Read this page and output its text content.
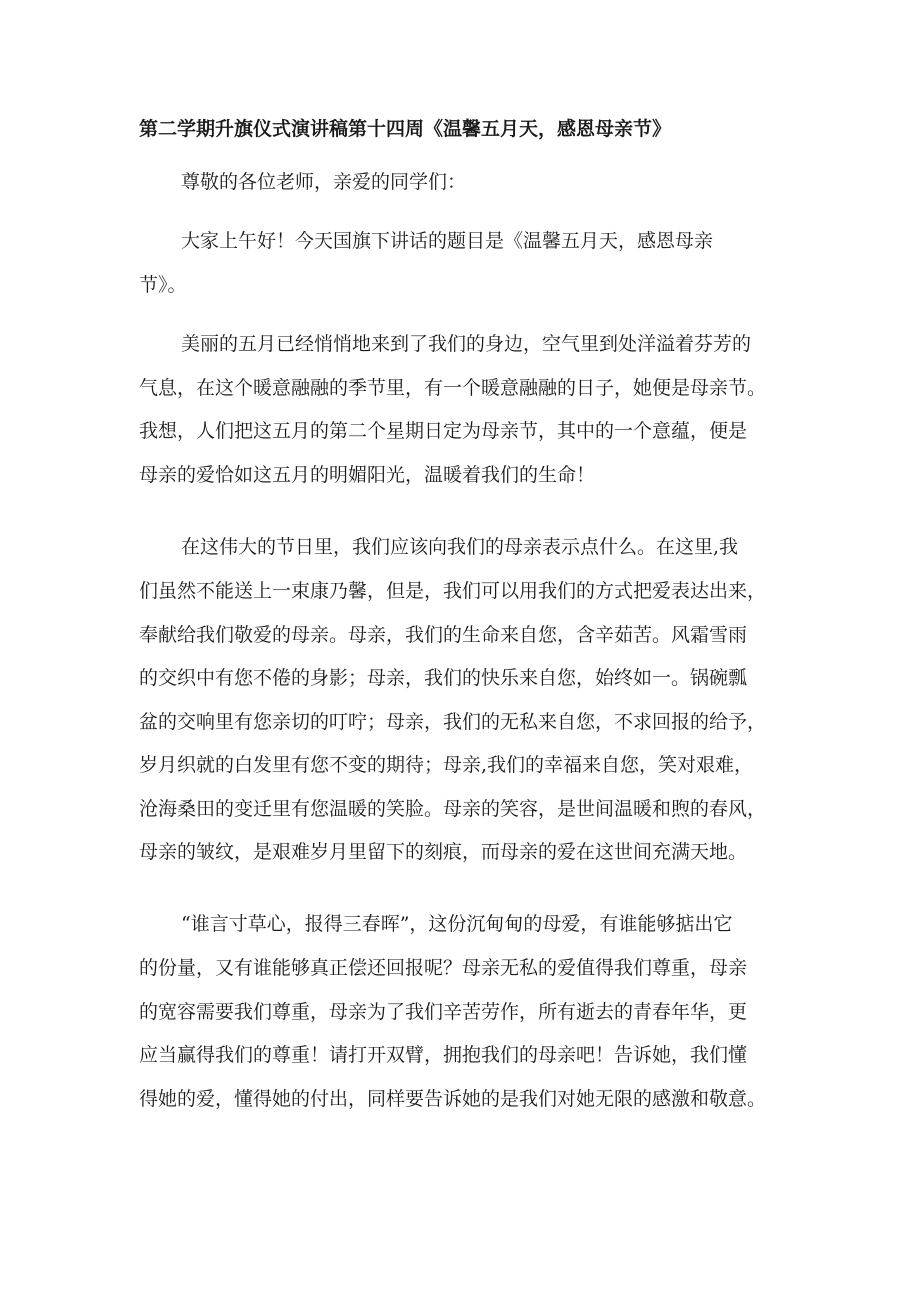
第二学期升旗仪式演讲稿第十四周《温馨五月天，感恩母亲节》

尊敬的各位老师，亲爱的同学们：

大家上午好！今天国旗下讲话的题目是《温馨五月天，感恩母亲

节》。

美丽的五月已经悄悄地来到了我们的身边，空气里到处洋溢着芬芳的

气息，在这个暖意融融的季节里，有一个暖意融融的日子，她便是母亲节。

我想，人们把这五月的第二个星期日定为母亲节，其中的一个意蕴，便是

母亲的爱恰如这五月的明媚阳光，温暖着我们的生命！

在这伟大的节日里，我们应该向我们的母亲表示点什么。在这里,我

们虽然不能送上一束康乃馨，但是，我们可以用我们的方式把爱表达出来，

奉献给我们敬爱的母亲。母亲，我们的生命来自您，含辛茹苦。风霜雪雨

的交织中有您不倦的身影；母亲，我们的快乐来自您，始终如一。锅碗瓢

盆的交响里有您亲切的叮咛；母亲，我们的无私来自您，不求回报的给予，

岁月织就的白发里有您不变的期待；母亲,我们的幸福来自您，笑对艰难，

沧海桑田的变迁里有您温暖的笑脸。母亲的笑容，是世间温暖和煦的春风，

母亲的皱纹，是艰难岁月里留下的刻痕，而母亲的爱在这世间充满天地。

“谁言寸草心，报得三春晖”，这份沉甸甸的母爱，有谁能够掂出它

的份量，又有谁能够真正偿还回报呢？母亲无私的爱值得我们尊重，母亲

的宽容需要我们尊重，母亲为了我们辛苦劳作，所有逝去的青春年华，更

应当赢得我们的尊重！请打开双臂，拥抱我们的母亲吧！告诉她，我们懂

得她的爱，懂得她的付出，同样要告诉她的是我们对她无限的感激和敬意。
